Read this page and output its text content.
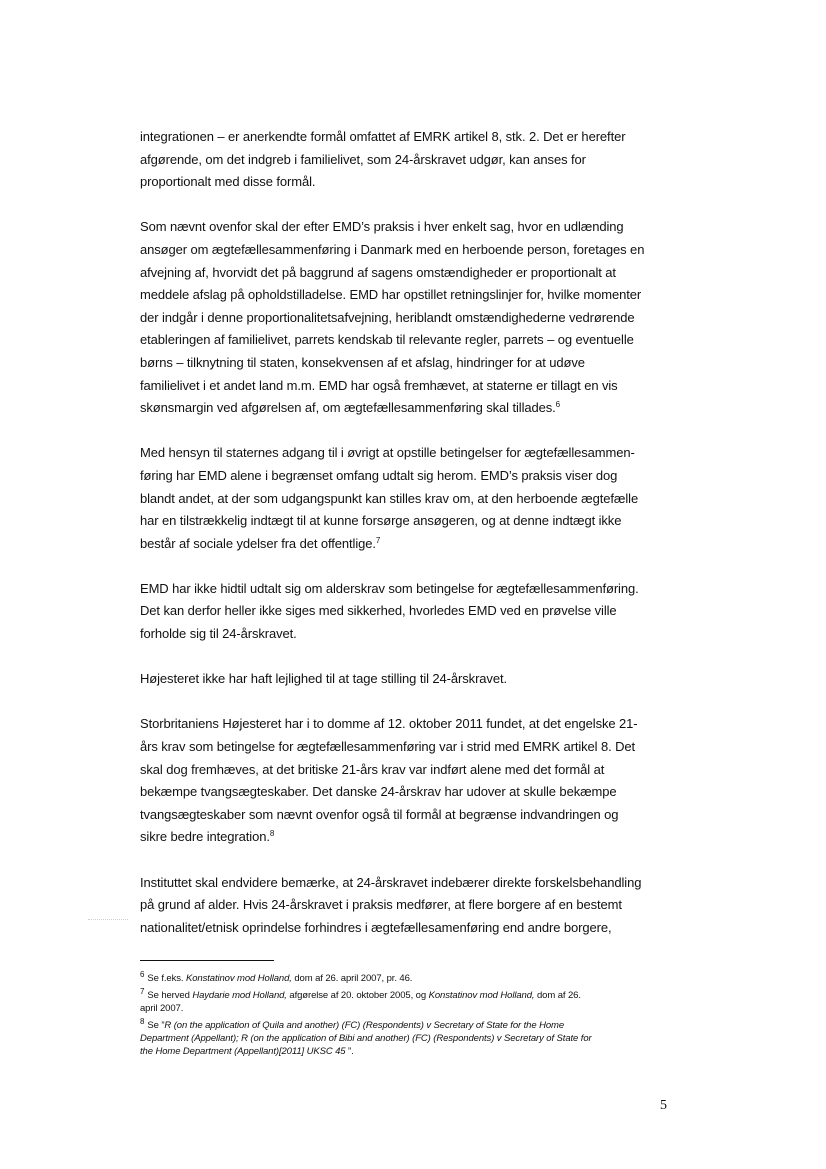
integrationen – er anerkendte formål omfattet af EMRK artikel 8, stk. 2. Det er herefter
afgørende, om det indgreb i familielivet, som 24-årskravet udgør, kan anses for
proportionalt med disse formål.

Som nævnt ovenfor skal der efter EMD’s praksis i hver enkelt sag, hvor en udlænding
ansøger om ægtefællesammenføring i Danmark med en herboende person, foretages en
afvejning af, hvorvidt det på baggrund af sagens omstændigheder er proportionalt at
meddele afslag på opholdstilladelse. EMD har opstillet retningslinjer for, hvilke momenter
der indgår i denne proportionalitetsafvejning, heriblandt omstændighederne vedrørende
etableringen af familielivet, parrets kendskab til relevante regler, parrets – og eventuelle
børns – tilknytning til staten, konsekvensen af et afslag, hindringer for at udøve
familielivet i et andet land m.m. EMD har også fremhævet, at staterne er tillagt en vis
skønsmargin ved afgørelsen af, om ægtefællesammenføring skal tillades.$^6$

Med hensyn til staternes adgang til i øvrigt at opstille betingelser for ægtefællesammen-
føring har EMD alene i begrænset omfang udtalt sig herom. EMD’s praksis viser dog
blandt andet, at der som udgangspunkt kan stilles krav om, at den herboende ægtefælle
har en tilstrækkelig indtægt til at kunne forsørge ansøgeren, og at denne indtægt ikke
består af sociale ydelser fra det offentlige.$^7$

EMD har ikke hidtil udtalt sig om alderskrav som betingelse for ægtefællesammenføring.
Det kan derfor heller ikke siges med sikkerhed, hvorledes EMD ved en prøvelse ville
forholde sig til 24-årskravet.

Højesteret ikke har haft lejlighed til at tage stilling til 24-årskravet.

Storbritaniens Højesteret har i to domme af 12. oktober 2011 fundet, at det engelske 21-
års krav som betingelse for ægtefællesammenføring var i strid med EMRK artikel 8. Det
skal dog fremhæves, at det britiske 21-års krav var indført alene med det formål at
bekæmpe tvangsægteskaber. Det danske 24-årskrav har udover at skulle bekæmpe
tvangsægteskaber som nævnt ovenfor også til formål at begrænse indvandringen og
sikre bedre integration.$^8$

Instituttet skal endvidere bemærke, at 24-årskravet indebærer direkte forskelsbehandling
på grund af alder. Hvis 24-årskravet i praksis medfører, at flere borgere af en bestemt
nationalitet/etnisk oprindelse forhindres i ægtefællesamenføring end andre borgere,

$^6$ Se f.eks. Konstatinov mod Holland, dom af 26. april 2007, pr. 46.

$^7$ Se herved Haydarie mod Holland, afgørelse af 20. oktober 2005, og Konstatinov mod Holland, dom af 26.
april 2007.

$^8$ Se ”R (on the application of Quila and another) (FC) (Respondents) v Secretary of State for the Home
Department (Appellant); R (on the application of Bibi and another) (FC) (Respondents) v Secretary of State for
the Home Department (Appellant)[2011] UKSC 45 ”.

5
